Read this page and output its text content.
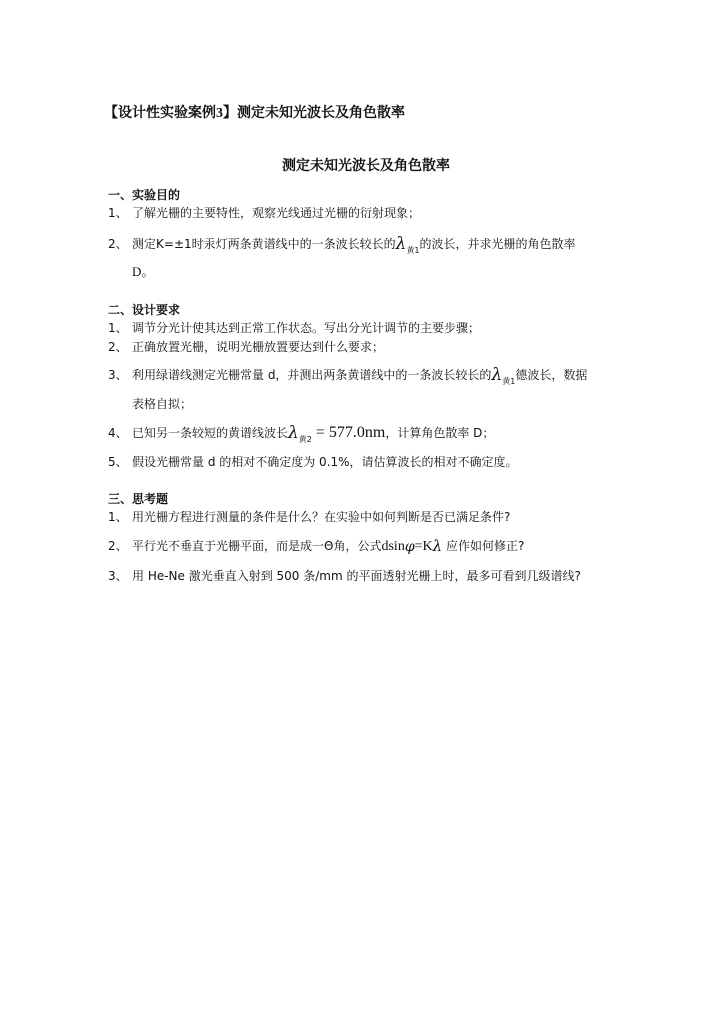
【设计性实验案例3】测定未知光波长及角色散率
测定未知光波长及角色散率
一、实验目的
1、 了解光栅的主要特性，观察光线通过光栅的衍射现象；
2、 测定K=±1时汞灯两条黄谱线中的一条波长较长的$\lambda_{黄1}$的波长，并求光栅的角色散率
D。
二、设计要求
1、 调节分光计使其达到正常工作状态。写出分光计调节的主要步骤；
2、 正确放置光栅，说明光栅放置要达到什么要求；
3、 利用绿谱线测定光栅常量 d，并测出两条黄谱线中的一条波长较长的$\lambda_{黄1}$德波长，数据
表格自拟；
4、 已知另一条较短的黄谱线波长$\lambda_{黄2} = 577.0nm$，计算角色散率 D；
5、 假设光栅常量 d 的相对不确定度为 0.1%，请估算波长的相对不确定度。
三、思考题
1、 用光栅方程进行测量的条件是什么？在实验中如何判断是否已满足条件?
2、 平行光不垂直于光栅平面，而是成一Θ角，公式dsinφ=Kλ 应作如何修正?
3、 用 He-Ne 激光垂直入射到 500 条/mm 的平面透射光栅上时，最多可看到几级谱线?
